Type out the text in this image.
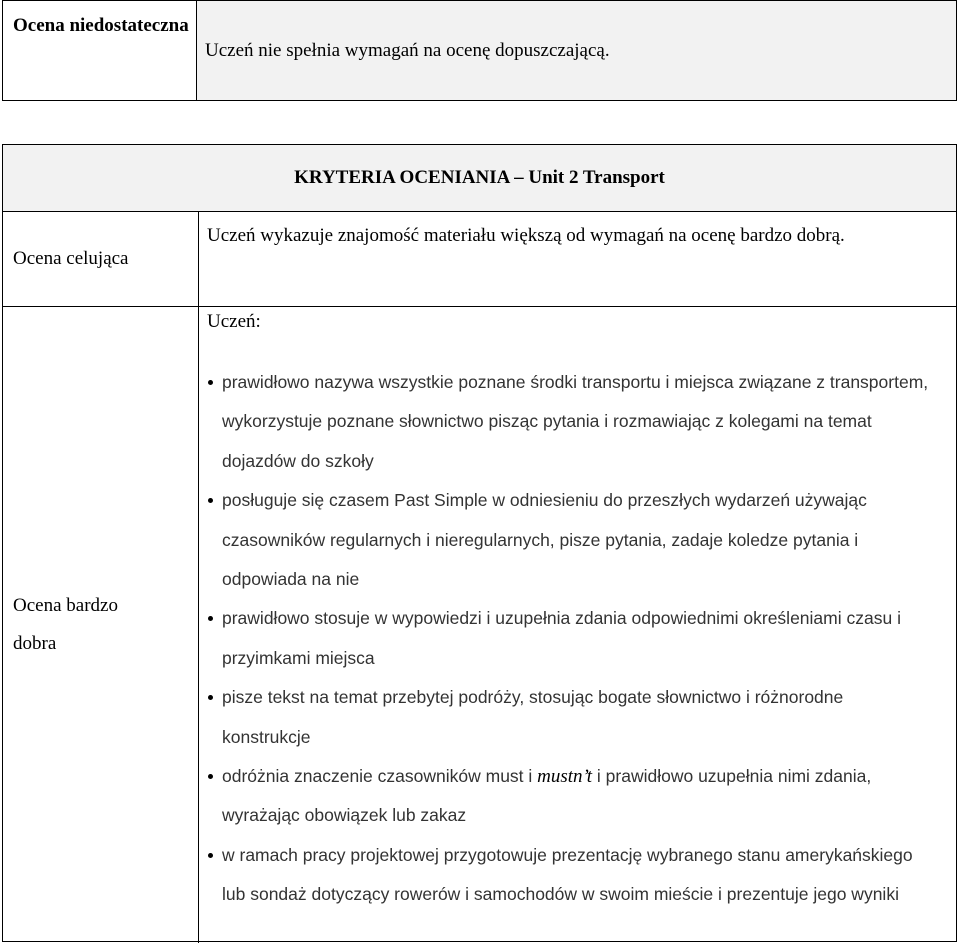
Ocena niedostateczna
Uczeń nie spełnia wymagań na ocenę dopuszczającą.
KRYTERIA OCENIANIA – Unit 2 Transport
Ocena celująca
Uczeń wykazuje znajomość materiału większą od wymagań na ocenę bardzo dobrą.
Ocena bardzo dobra
Uczeń:
prawidłowo nazywa wszystkie poznane środki transportu i miejsca związane z transportem, wykorzystuje poznane słownictwo pisząc pytania i rozmawiając z kolegami na temat dojazdów do szkoły
posługuje się czasem Past Simple w odniesieniu do przeszłych wydarzeń używając czasowników regularnych i nieregularnych, pisze pytania, zadaje koledze pytania i odpowiada na nie
prawidłowo stosuje w wypowiedzi i uzupełnia zdania odpowiednimi określeniami czasu i przyimkami miejsca
pisze tekst na temat przebytej podróży, stosując bogate słownictwo i różnorodne konstrukcje
odróżnia znaczenie czasowników must i mustn’t i prawidłowo uzupełnia nimi zdania, wyrażając obowiązek lub zakaz
w ramach pracy projektowej przygotowuje prezentację wybranego stanu amerykańskiego lub sondaż dotyczący rowerów i samochodów w swoim mieście i prezentuje jego wyniki
